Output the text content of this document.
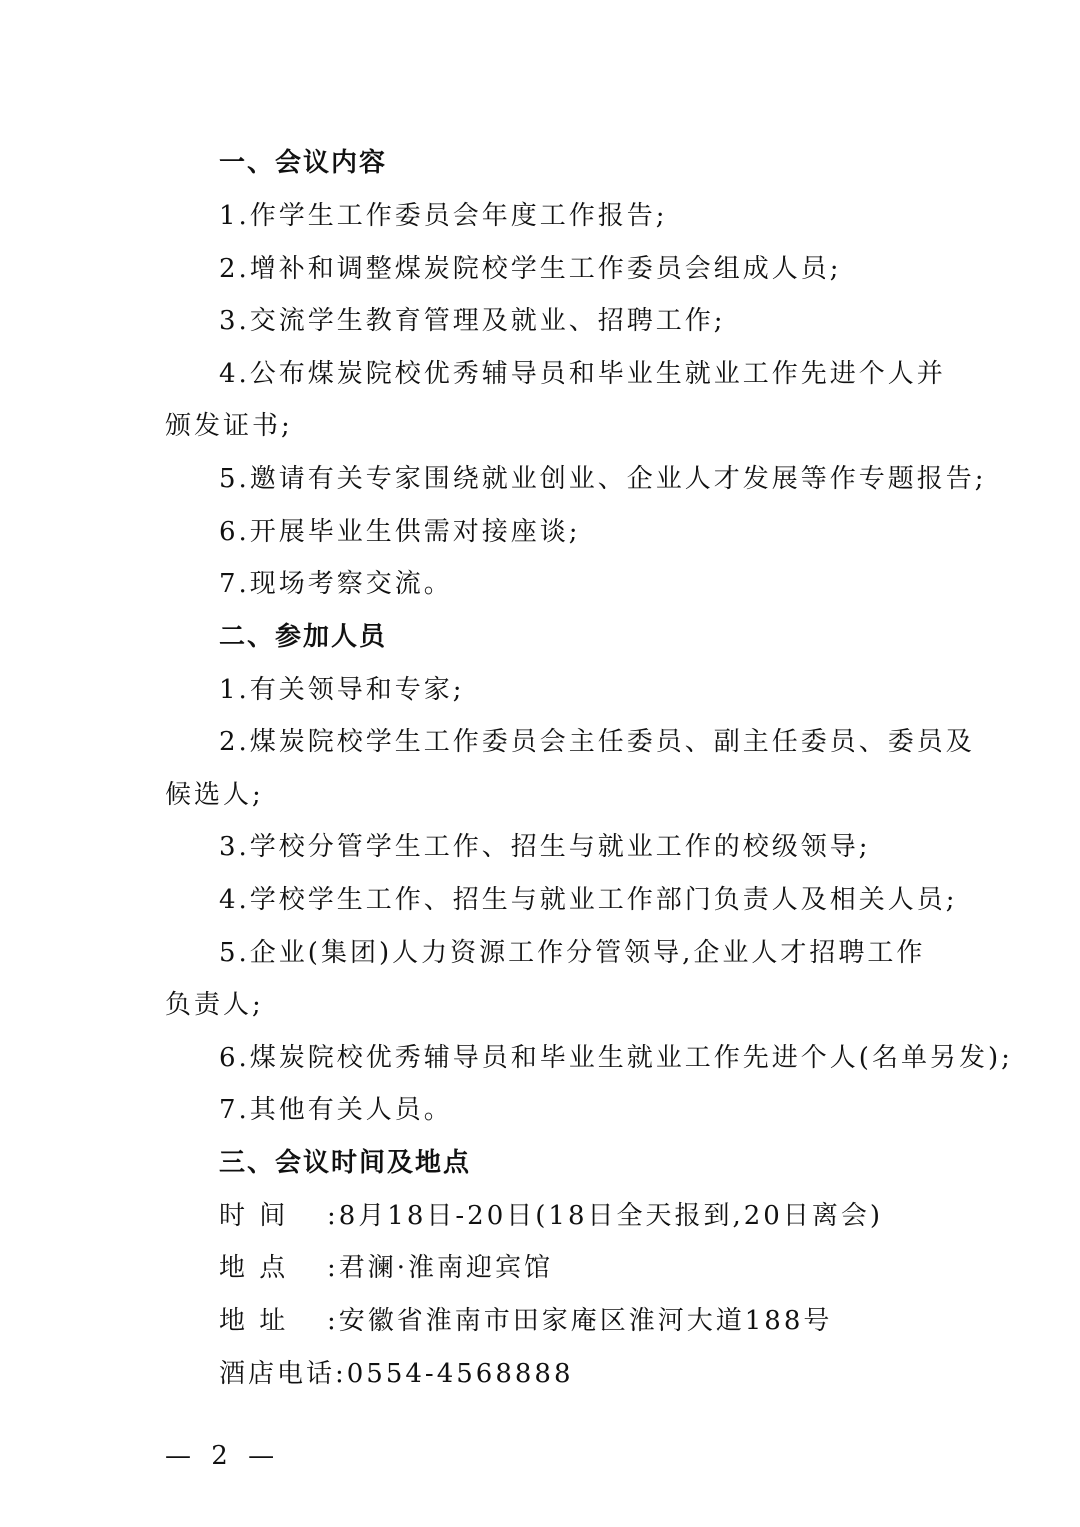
一、会议内容
1.作学生工作委员会年度工作报告;
2.增补和调整煤炭院校学生工作委员会组成人员;
3.交流学生教育管理及就业、招聘工作;
4.公布煤炭院校优秀辅导员和毕业生就业工作先进个人并
颁发证书;
5.邀请有关专家围绕就业创业、企业人才发展等作专题报告;
6.开展毕业生供需对接座谈;
7.现场考察交流。
二、参加人员
1.有关领导和专家;
2.煤炭院校学生工作委员会主任委员、副主任委员、委员及
候选人;
3.学校分管学生工作、招生与就业工作的校级领导;
4.学校学生工作、招生与就业工作部门负责人及相关人员;
5.企业(集团)人力资源工作分管领导,企业人才招聘工作
负责人;
6.煤炭院校优秀辅导员和毕业生就业工作先进个人(名单另发);
7.其他有关人员。
三、会议时间及地点
时 间	: 8月18日-20日(18日全天报到,20日离会)
地 点	: 君澜·淮南迎宾馆
地 址	: 安徽省淮南市田家庵区淮河大道188号
酒店电话: 0554-4568888
— 2 —
